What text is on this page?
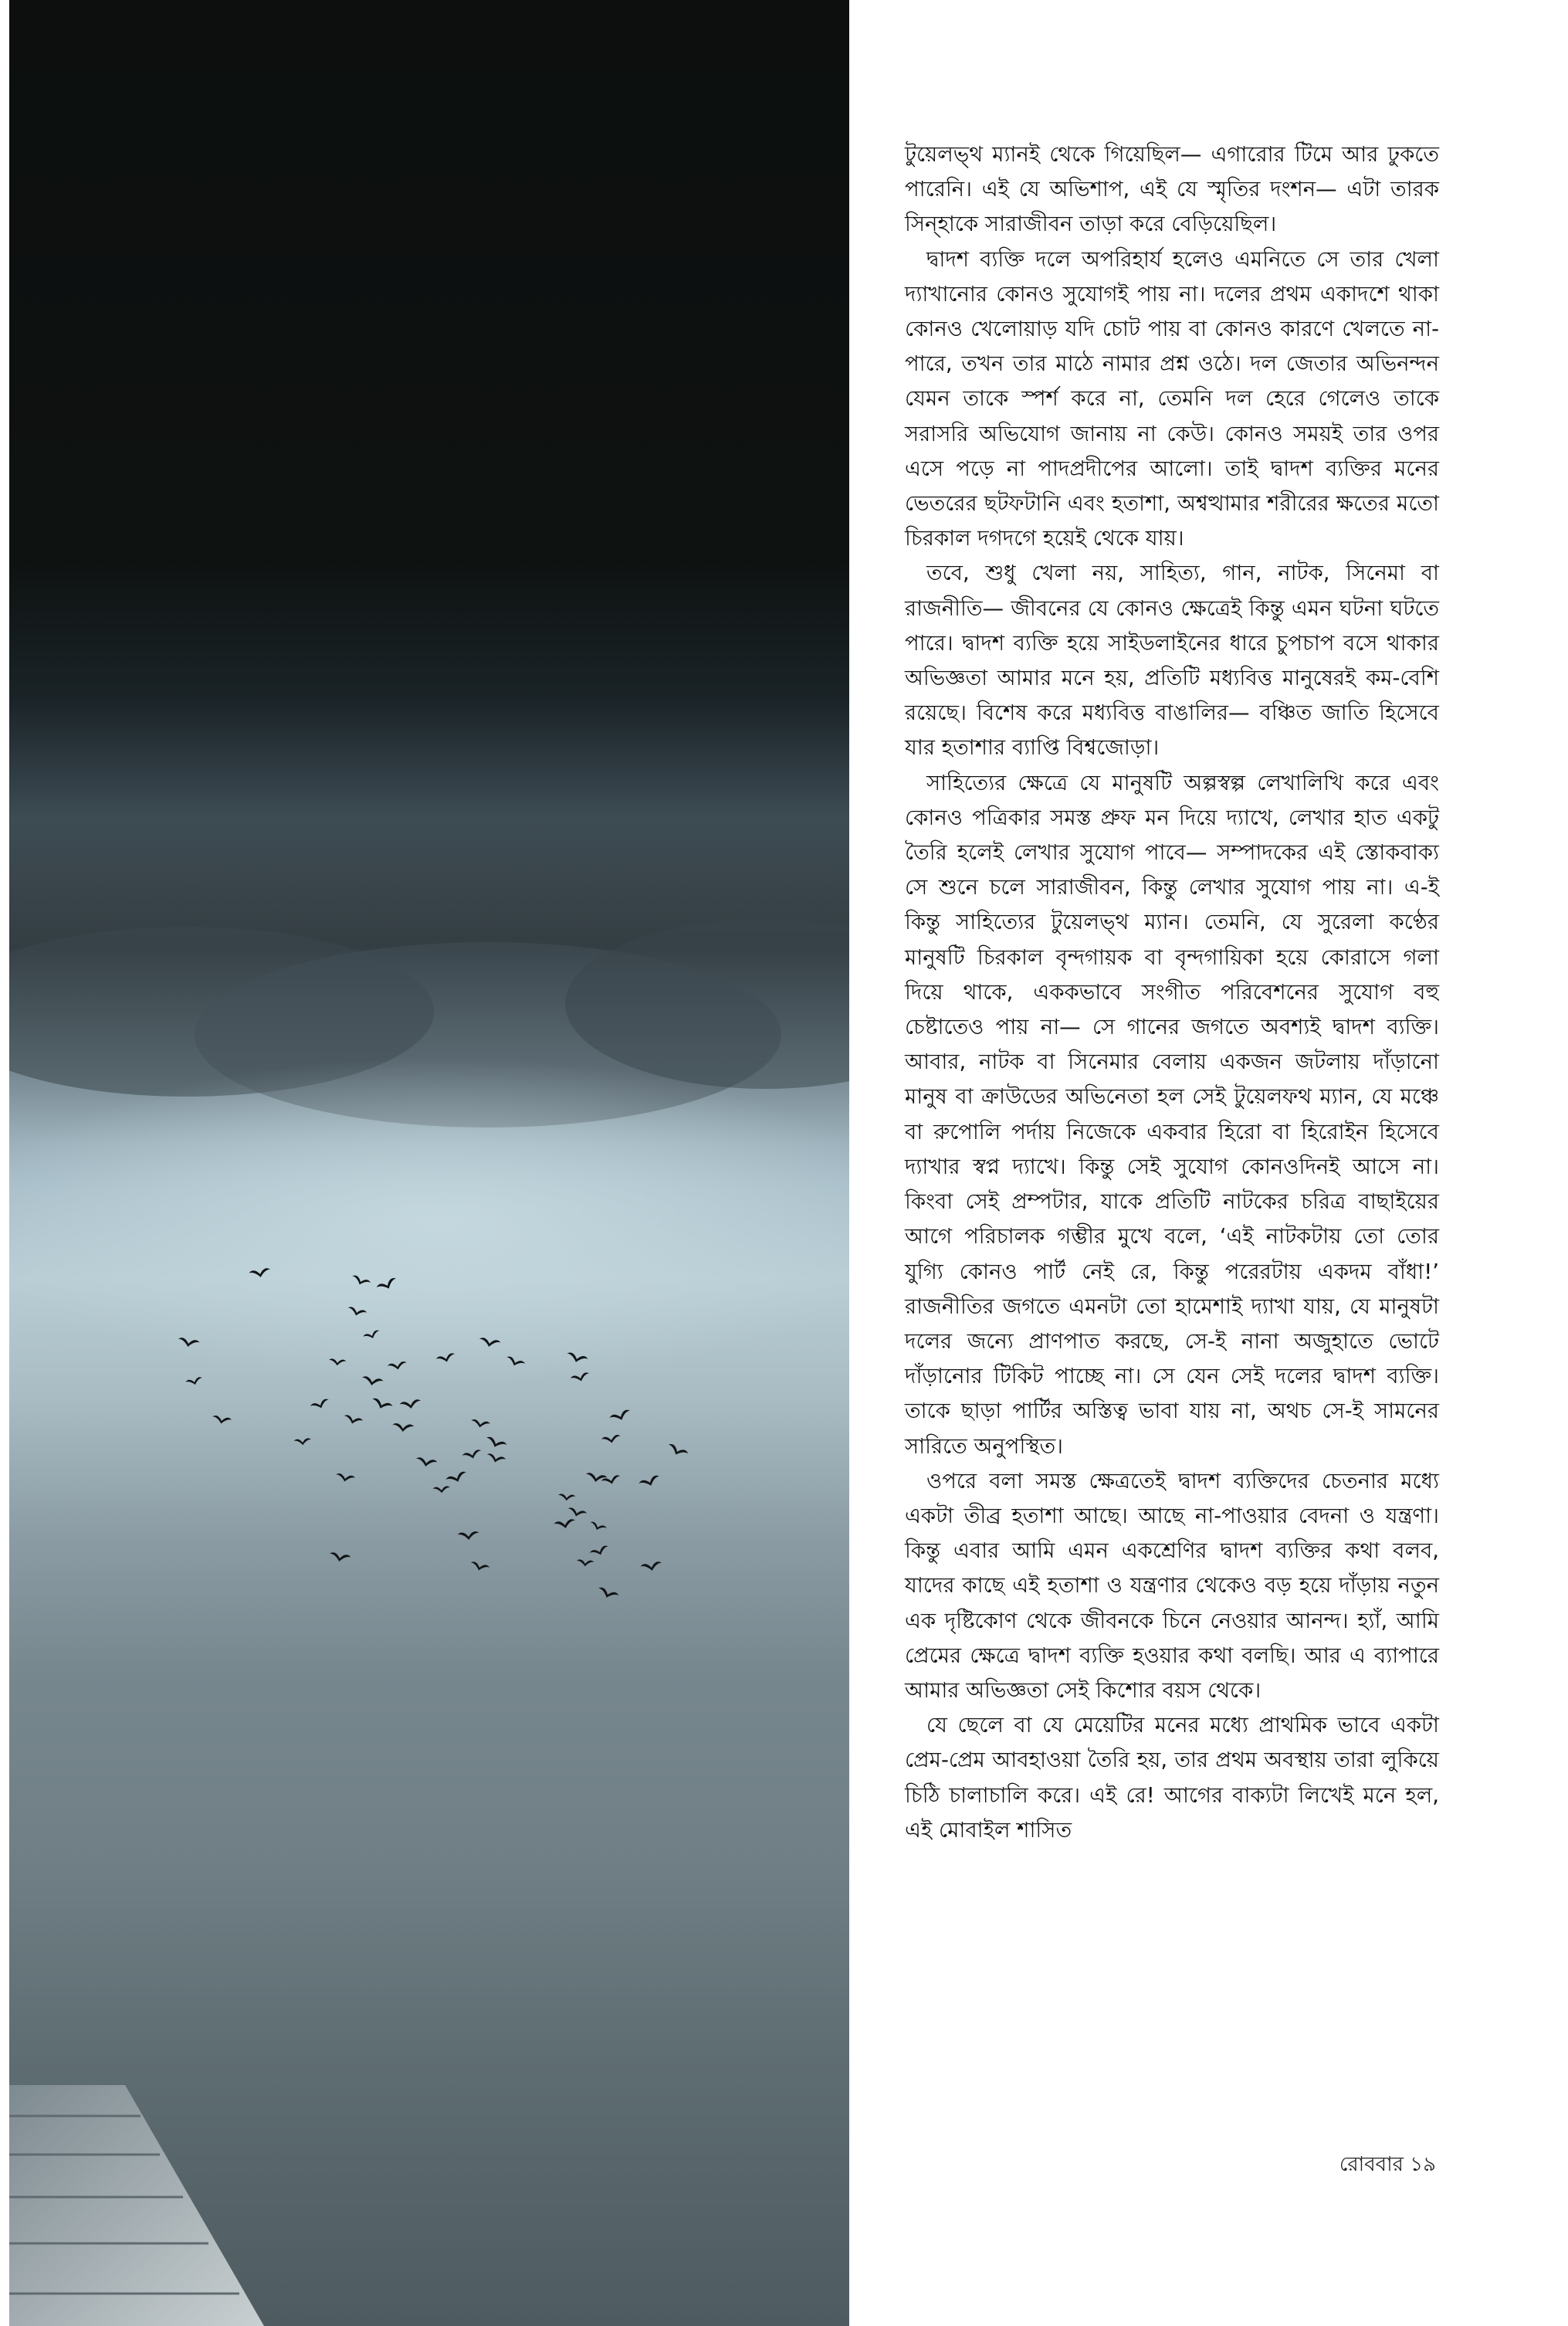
টুয়েলভ্‌থ ম্যানই থেকে গিয়েছিল— এগারোর টিমে আর ঢুকতে পারেনি। এই যে অভিশাপ, এই যে স্মৃতির দংশন— এটা তারক সিন্‌হাকে সারাজীবন তাড়া করে বেড়িয়েছিল।

দ্বাদশ ব্যক্তি দলে অপরিহার্য হলেও এমনিতে সে তার খেলা দ্যাখানোর কোনও সুযোগই পায় না। দলের প্রথম একাদশে থাকা কোনও খেলোয়াড় যদি চোট পায় বা কোনও কারণে খেলতে না-পারে, তখন তার মাঠে নামার প্রশ্ন ওঠে। দল জেতার অভিনন্দন যেমন তাকে স্পর্শ করে না, তেমনি দল হেরে গেলেও তাকে সরাসরি অভিযোগ জানায় না কেউ। কোনও সময়ই তার ওপর এসে পড়ে না পাদপ্রদীপের আলো। তাই দ্বাদশ ব্যক্তির মনের ভেতরের ছটফটানি এবং হতাশা, অশ্বত্থামার শরীরের ক্ষতের মতো চিরকাল দগদগে হয়েই থেকে যায়।

তবে, শুধু খেলা নয়, সাহিত্য, গান, নাটক, সিনেমা বা রাজনীতি— জীবনের যে কোনও ক্ষেত্রেই কিন্তু এমন ঘটনা ঘটতে পারে। দ্বাদশ ব্যক্তি হয়ে সাইডলাইনের ধারে চুপচাপ বসে থাকার অভিজ্ঞতা আমার মনে হয়, প্রতিটি মধ্যবিত্ত মানুষেরই কম-বেশি রয়েছে। বিশেষ করে মধ্যবিত্ত বাঙালির— বঞ্চিত জাতি হিসেবে যার হতাশার ব্যাপ্তি বিশ্বজোড়া।

সাহিত্যের ক্ষেত্রে যে মানুষটি অল্পস্বল্প লেখালিখি করে এবং কোনও পত্রিকার সমস্ত প্রুফ মন দিয়ে দ্যাখে, লেখার হাত একটু তৈরি হলেই লেখার সুযোগ পাবে— সম্পাদকের এই স্তোকবাক্য সে শুনে চলে সারাজীবন, কিন্তু লেখার সুযোগ পায় না। এ-ই কিন্তু সাহিত্যের টুয়েলভ্‌থ ম্যান। তেমনি, যে সুরেলা কণ্ঠের মানুষটি চিরকাল বৃন্দগায়ক বা বৃন্দগায়িকা হয়ে কোরাসে গলা দিয়ে থাকে, এককভাবে সংগীত পরিবেশনের সুযোগ বহু চেষ্টাতেও পায় না— সে গানের জগতে অবশ্যই দ্বাদশ ব্যক্তি। আবার, নাটক বা সিনেমার বেলায় একজন জটলায় দাঁড়ানো মানুষ বা ক্রাউডের অভিনেতা হল সেই টুয়েলফথ ম্যান, যে মঞ্চে বা রুপোলি পর্দায় নিজেকে একবার হিরো বা হিরোইন হিসেবে দ্যাখার স্বপ্ন দ্যাখে। কিন্তু সেই সুযোগ কোনওদিনই আসে না। কিংবা সেই প্রম্পটার, যাকে প্রতিটি নাটকের চরিত্র বাছাইয়ের আগে পরিচালক গম্ভীর মুখে বলে, ‘এই নাটকটায় তো তোর যুগ্যি কোনও পার্ট নেই রে, কিন্তু পরেরটায় একদম বাঁধা!’ রাজনীতির জগতে এমনটা তো হামেশাই দ্যাখা যায়, যে মানুষটা দলের জন্যে প্রাণপাত করছে, সে-ই নানা অজুহাতে ভোটে দাঁড়ানোর টিকিট পাচ্ছে না। সে যেন সেই দলের দ্বাদশ ব্যক্তি। তাকে ছাড়া পার্টির অস্তিত্ব ভাবা যায় না, অথচ সে-ই সামনের সারিতে অনুপস্থিত।

ওপরে বলা সমস্ত ক্ষেত্রতেই দ্বাদশ ব্যক্তিদের চেতনার মধ্যে একটা তীব্র হতাশা আছে। আছে না-পাওয়ার বেদনা ও যন্ত্রণা। কিন্তু এবার আমি এমন একশ্রেণির দ্বাদশ ব্যক্তির কথা বলব, যাদের কাছে এই হতাশা ও যন্ত্রণার থেকেও বড় হয়ে দাঁড়ায় নতুন এক দৃষ্টিকোণ থেকে জীবনকে চিনে নেওয়ার আনন্দ। হ্যাঁ, আমি প্রেমের ক্ষেত্রে দ্বাদশ ব্যক্তি হওয়ার কথা বলছি। আর এ ব্যাপারে আমার অভিজ্ঞতা সেই কিশোর বয়স থেকে।

যে ছেলে বা যে মেয়েটির মনের মধ্যে প্রাথমিক ভাবে একটা প্রেম-প্রেম আবহাওয়া তৈরি হয়, তার প্রথম অবস্থায় তারা লুকিয়ে চিঠি চালাচালি করে। এই রে! আগের বাক্যটা লিখেই মনে হল, এই মোবাইল শাসিত

রোববার ১৯
